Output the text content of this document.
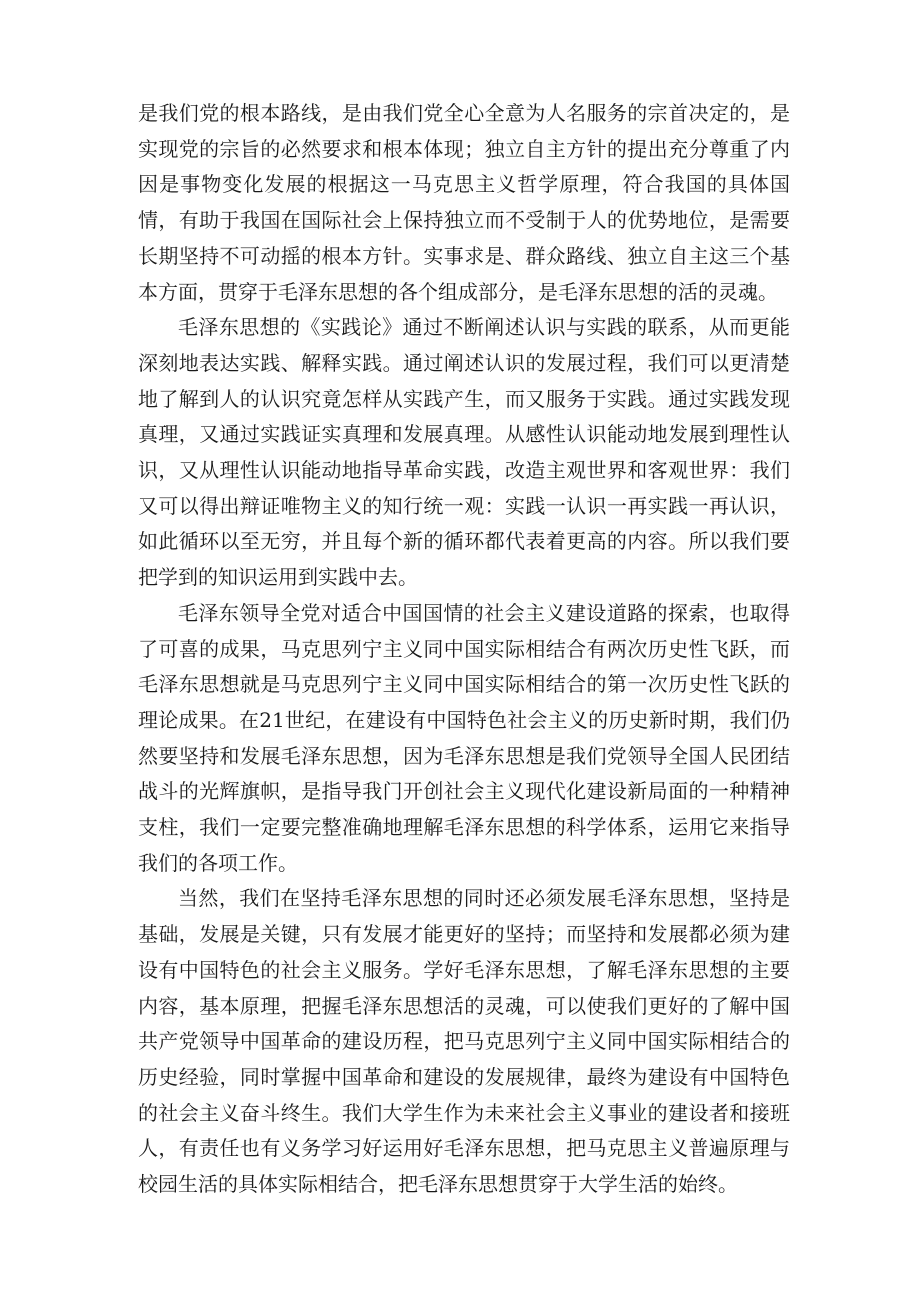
是我们党的根本路线，是由我们党全心全意为人名服务的宗首决定的，是实现党的宗旨的必然要求和根本体现；独立自主方针的提出充分尊重了内因是事物变化发展的根据这一马克思主义哲学原理，符合我国的具体国情，有助于我国在国际社会上保持独立而不受制于人的优势地位，是需要长期坚持不可动摇的根本方针。实事求是、群众路线、独立自主这三个基本方面，贯穿于毛泽东思想的各个组成部分，是毛泽东思想的活的灵魂。

毛泽东思想的《实践论》通过不断阐述认识与实践的联系，从而更能深刻地表达实践、解释实践。通过阐述认识的发展过程，我们可以更清楚地了解到人的认识究竟怎样从实践产生，而又服务于实践。通过实践发现真理，又通过实践证实真理和发展真理。从感性认识能动地发展到理性认识，又从理性认识能动地指导革命实践，改造主观世界和客观世界：我们又可以得出辩证唯物主义的知行统一观：实践一认识一再实践一再认识，如此循环以至无穷，并且每个新的循环都代表着更高的内容。所以我们要把学到的知识运用到实践中去。

毛泽东领导全党对适合中国国情的社会主义建设道路的探索，也取得了可喜的成果，马克思列宁主义同中国实际相结合有两次历史性飞跃，而毛泽东思想就是马克思列宁主义同中国实际相结合的第一次历史性飞跃的理论成果。在21世纪，在建设有中国特色社会主义的历史新时期，我们仍然要坚持和发展毛泽东思想，因为毛泽东思想是我们党领导全国人民团结战斗的光辉旗帜，是指导我门开创社会主义现代化建设新局面的一种精神支柱，我们一定要完整准确地理解毛泽东思想的科学体系，运用它来指导我们的各项工作。

当然，我们在坚持毛泽东思想的同时还必须发展毛泽东思想，坚持是基础，发展是关键，只有发展才能更好的坚持；而坚持和发展都必须为建设有中国特色的社会主义服务。学好毛泽东思想，了解毛泽东思想的主要内容，基本原理，把握毛泽东思想活的灵魂，可以使我们更好的了解中国共产党领导中国革命的建设历程，把马克思列宁主义同中国实际相结合的历史经验，同时掌握中国革命和建设的发展规律，最终为建设有中国特色的社会主义奋斗终生。我们大学生作为未来社会主义事业的建设者和接班人，有责任也有义务学习好运用好毛泽东思想，把马克思主义普遍原理与校园生活的具体实际相结合，把毛泽东思想贯穿于大学生活的始终。
